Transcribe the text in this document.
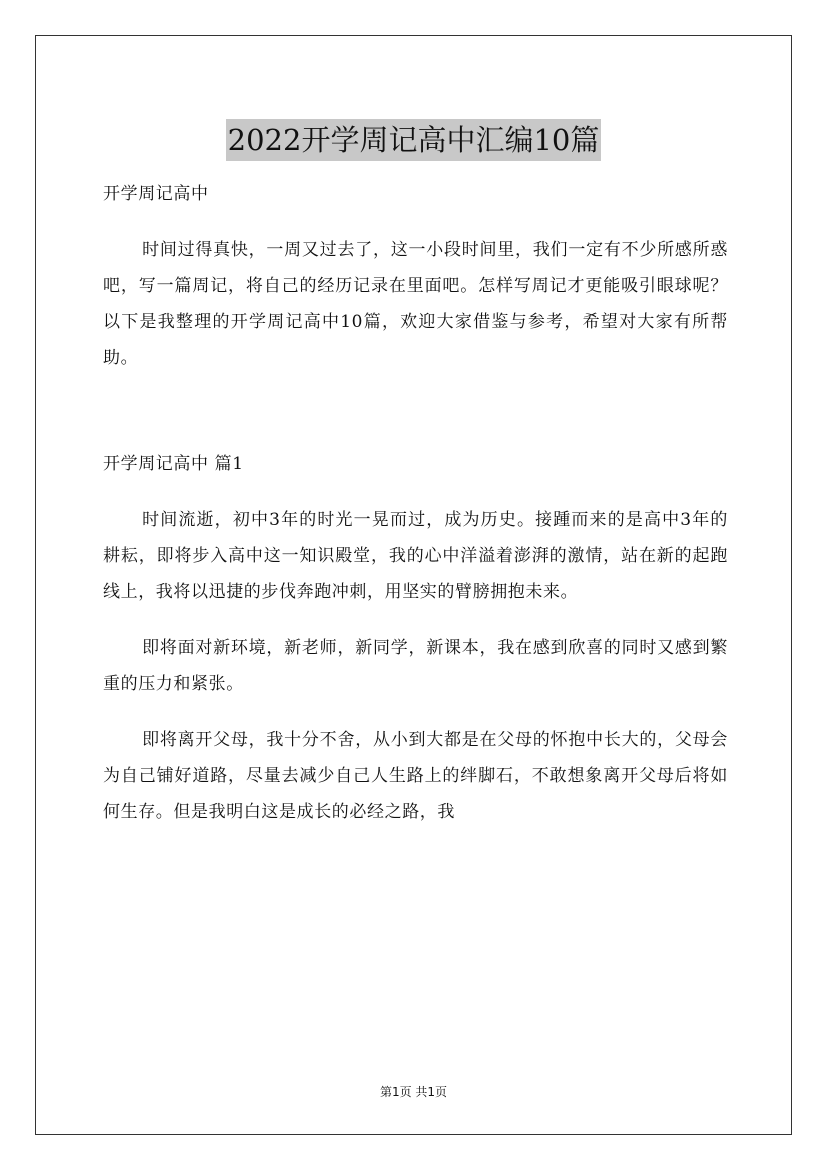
2022开学周记高中汇编10篇

开学周记高中

时间过得真快，一周又过去了，这一小段时间里，我们一定有不少所感所惑吧，写一篇周记，将自己的经历记录在里面吧。怎样写周记才更能吸引眼球呢？以下是我整理的开学周记高中10篇，欢迎大家借鉴与参考，希望对大家有所帮助。

开学周记高中 篇1

时间流逝，初中3年的时光一晃而过，成为历史。接踵而来的是高中3年的耕耘，即将步入高中这一知识殿堂，我的心中洋溢着澎湃的激情，站在新的起跑线上，我将以迅捷的步伐奔跑冲刺，用坚实的臂膀拥抱未来。

即将面对新环境，新老师，新同学，新课本，我在感到欣喜的同时又感到繁重的压力和紧张。

即将离开父母，我十分不舍，从小到大都是在父母的怀抱中长大的，父母会为自己铺好道路，尽量去减少自己人生路上的绊脚石，不敢想象离开父母后将如何生存。但是我明白这是成长的必经之路，我

第1页 共1页
